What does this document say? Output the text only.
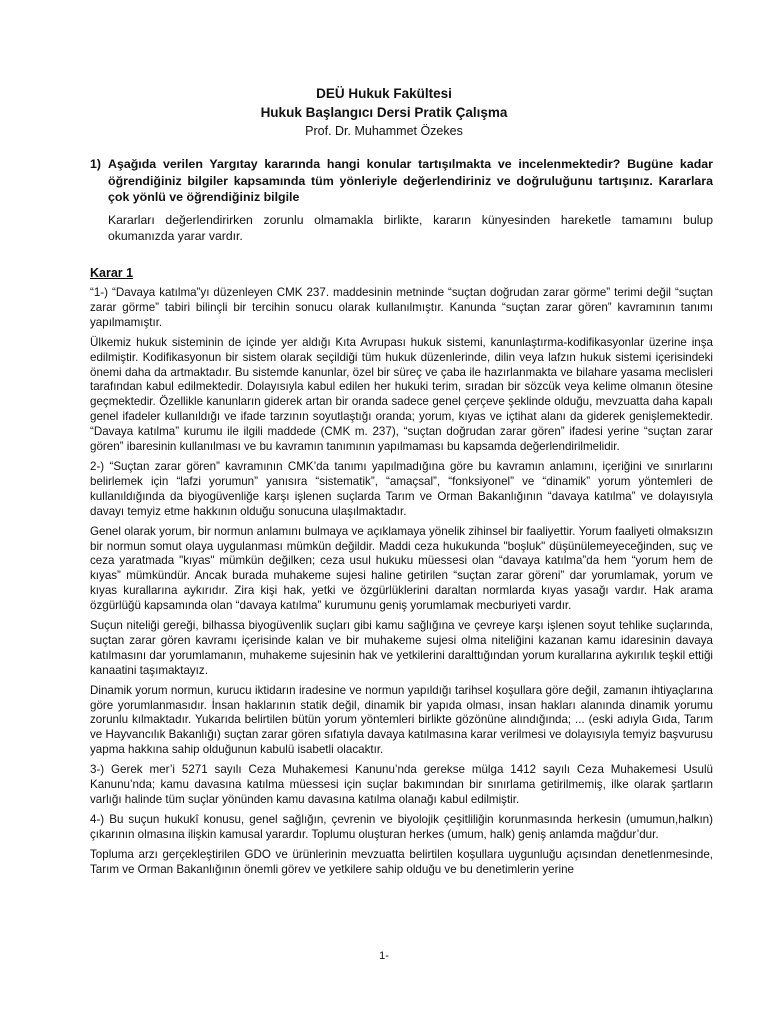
DEÜ Hukuk Fakültesi
Hukuk Başlangıcı Dersi Pratik Çalışma
Prof. Dr. Muhammet Özekes
1) Aşağıda verilen Yargıtay kararında hangi konular tartışılmakta ve incelenmektedir? Bugüne kadar öğrendiğiniz bilgiler kapsamında tüm yönleriyle değerlendiriniz ve doğruluğunu tartışınız. Kararlara çok yönlü ve öğrendiğiniz bilgile
Kararları değerlendirirken zorunlu olmamakla birlikte, kararın künyesinden hareketle tamamını bulup okumanızda yarar vardır.
Karar 1

“1-) “Davaya katılma”yı düzenleyen CMK 237. maddesinin metninde “suçtan doğrudan zarar görme” terimi değil “suçtan zarar görme” tabiri bilinçli bir tercihin sonucu olarak kullanılmıştır. Kanunda “suçtan zarar gören” kavramının tanımı yapılmamıştır.

Ülkemiz hukuk sisteminin de içinde yer aldığı Kıta Avrupası hukuk sistemi, kanunlaştırma-kodifikasyonlar üzerine inşa edilmiştir. Kodifikasyonun bir sistem olarak seçildiği tüm hukuk düzenlerinde, dilin veya lafzın hukuk sistemi içerisindeki önemi daha da artmaktadır. Bu sistemde kanunlar, özel bir süreç ve çaba ile hazırlanmakta ve bilahare yasama meclisleri tarafından kabul edilmektedir. Dolayısıyla kabul edilen her hukuki terim, sıradan bir sözcük veya kelime olmanın ötesine geçmektedir. Özellikle kanunların giderek artan bir oranda sadece genel çerçeve şeklinde olduğu, mevzuatta daha kapalı genel ifadeler kullanıldığı ve ifade tarzının soyutlaştığı oranda; yorum, kıyas ve içtihat alanı da giderek genişlemektedir. “Davaya katılma” kurumu ile ilgili maddede (CMK m. 237), “suçtan doğrudan zarar gören” ifadesi yerine “suçtan zarar gören” ibaresinin kullanılması ve bu kavramın tanımının yapılmaması bu kapsamda değerlendirilmelidir.

2-) “Suçtan zarar gören” kavramının CMK’da tanımı yapılmadığına göre bu kavramın anlamını, içeriğini ve sınırlarını belirlemek için “lafzi yorumun” yanısıra “sistematik”, “amaçsal”, “fonksiyonel” ve “dinamik” yorum yöntemleri de kullanıldığında da biyogüvenliğe karşı işlenen suçlarda Tarım ve Orman Bakanlığının “davaya katılma” ve dolayısıyla davayı temyiz etme hakkının olduğu sonucuna ulaşılmaktadır.

Genel olarak yorum, bir normun anlamını bulmaya ve açıklamaya yönelik zihinsel bir faaliyettir. Yorum faaliyeti olmaksızın bir normun somut olaya uygulanması mümkün değildir. Maddi ceza hukukunda "boşluk" düşünülemeyeceğinden, suç ve ceza yaratmada "kıyas" mümkün değilken; ceza usul hukuku müessesi olan “davaya katılma”da hem “yorum hem de kıyas” mümkündür. Ancak burada muhakeme sujesi haline getirilen “suçtan zarar göreni” dar yorumlamak, yorum ve kıyas kurallarına aykırıdır. Zira kişi hak, yetki ve özgürlüklerini daraltan normlarda kıyas yasağı vardır. Hak arama özgürlüğü kapsamında olan “davaya katılma” kurumunu geniş yorumlamak mecburiyeti vardır.

Suçun niteliği gereği, bilhassa biyogüvenlik suçları gibi kamu sağlığına ve çevreye karşı işlenen soyut tehlike suçlarında, suçtan zarar gören kavramı içerisinde kalan ve bir muhakeme sujesi olma niteliğini kazanan kamu idaresinin davaya katılmasını dar yorumlamanın, muhakeme sujesinin hak ve yetkilerini daralttığından yorum kurallarına aykırılık teşkil ettiği kanaatini taşımaktayız.

Dinamik yorum normun, kurucu iktidarın iradesine ve normun yapıldığı tarihsel koşullara göre değil, zamanın ihtiyaçlarına göre yorumlanmasıdır. İnsan haklarının statik değil, dinamik bir yapıda olması, insan hakları alanında dinamik yorumu zorunlu kılmaktadır. Yukarıda belirtilen bütün yorum yöntemleri birlikte gözönüne alındığında; ... (eski adıyla Gıda, Tarım ve Hayvancılık Bakanlığı) suçtan zarar gören sıfatıyla davaya katılmasına karar verilmesi ve dolayısıyla temyiz başvurusu yapma hakkına sahip olduğunun kabulü isabetli olacaktır.

3-) Gerek mer’i 5271 sayılı Ceza Muhakemesi Kanunu’nda gerekse mülga 1412 sayılı Ceza Muhakemesi Usulü Kanunu’nda; kamu davasına katılma müessesi için suçlar bakımından bir sınırlama getirilmemiş, ilke olarak şartların varlığı halinde tüm suçlar yönünden kamu davasına katılma olanağı kabul edilmiştir.

4-) Bu suçun hukukî konusu, genel sağlığın, çevrenin ve biyolojik çeşitliliğin korunmasında herkesin (umumun,halkın) çıkarının olmasına ilişkin kamusal yarardır. Toplumu oluşturan herkes (umum, halk) geniş anlamda mağdur’dur.

Topluma arzı gerçekleştirilen GDO ve ürünlerinin mevzuatta belirtilen koşullara uygunluğu açısından denetlenmesinde, Tarım ve Orman Bakanlığının önemli görev ve yetkilere sahip olduğu ve bu denetimlerin yerine

1-
